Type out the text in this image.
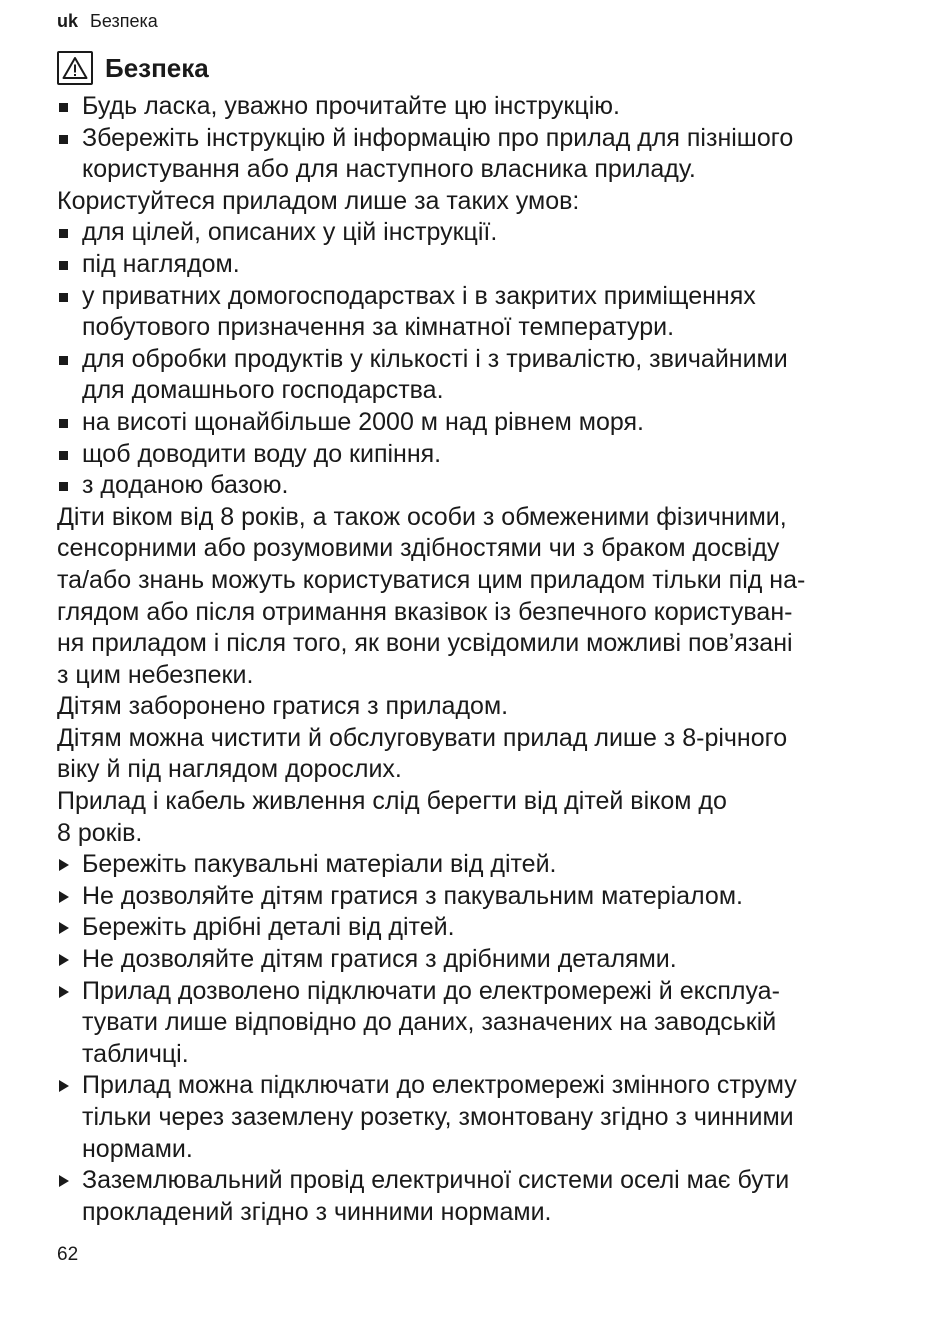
uk Безпека
Безпека
Будь ласка, уважно прочитайте цю інструкцію.
Збережіть інструкцію й інформацію про прилад для пізнішого
користування або для наступного власника приладу.
Користуйтеся приладом лише за таких умов:
для цілей, описаних у цій інструкції.
під наглядом.
у приватних домогосподарствах і в закритих приміщеннях
побутового призначення за кімнатної температури.
для обробки продуктів у кількості і з тривалістю, звичайними
для домашнього господарства.
на висоті щонайбільше 2000 м над рівнем моря.
щоб доводити воду до кипіння.
з доданою базою.
Діти віком від 8 років, а також особи з обмеженими фізичними,
сенсорними або розумовими здібностями чи з браком досвіду
та/або знань можуть користуватися цим приладом тільки під на-
глядом або після отримання вказівок із безпечного користуван-
ня приладом і після того, як вони усвідомили можливі пов’язані
з цим небезпеки.
Дітям заборонено гратися з приладом.
Дітям можна чистити й обслуговувати прилад лише з 8-річного
віку й під наглядом дорослих.
Прилад і кабель живлення слід берегти від дітей віком до
8 років.
Бережіть пакувальні матеріали від дітей.
Не дозволяйте дітям гратися з пакувальним матеріалом.
Бережіть дрібні деталі від дітей.
Не дозволяйте дітям гратися з дрібними деталями.
Прилад дозволено підключати до електромережі й експлуа-
тувати лише відповідно до даних, зазначених на заводській
табличці.
Прилад можна підключати до електромережі змінного струму
тільки через заземлену розетку, змонтовану згідно з чинними
нормами.
Заземлювальний провід електричної системи оселі має бути
прокладений згідно з чинними нормами.
62
